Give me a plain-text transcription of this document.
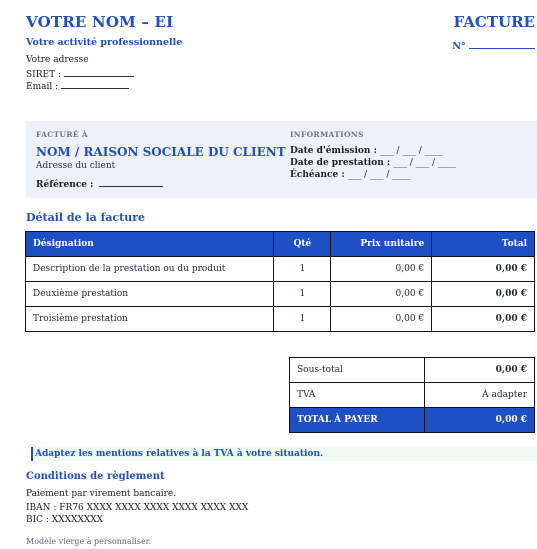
VOTRE NOM – EI
Votre activité professionnelle
Votre adresse
SIRET :
Email :
FACTURE
N°
FACTURÉ À
NOM / RAISON SOCIALE DU CLIENT
Adresse du client
Référence :
INFORMATIONS
Date d'émission : ___ / ___ / ____
Date de prestation : ___ / ___ / ____
Échéance : ___ / ___ / ____
Détail de la facture
Désignation	Qté	Prix unitaire	Total
Description de la prestation ou du produit	1	0,00 €	0,00 €
Deuxième prestation	1	0,00 €	0,00 €
Troisième prestation	1	0,00 €	0,00 €
Sous-total	0,00 €
TVA	À adapter
TOTAL À PAYER	0,00 €
Adaptez les mentions relatives à la TVA à votre situation.
Conditions de règlement
Paiement par virement bancaire.
IBAN : FR76 XXXX XXXX XXXX XXXX XXXX XXX
BIC : XXXXXXXX
Modèle vierge à personnaliser.
